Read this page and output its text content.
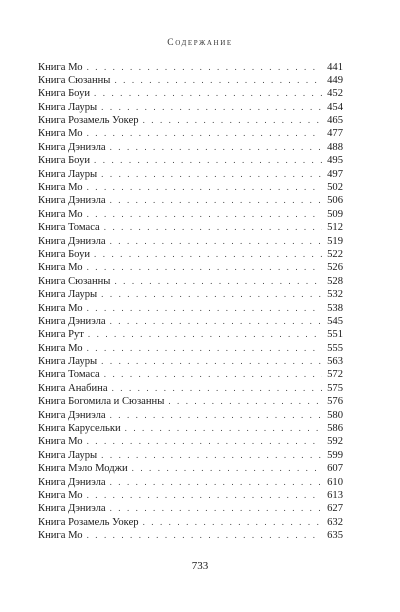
Содержание
Книга Мо . . .	441
Книга Сюзанны . . .	449
Книга Боуи . . .	452
Книга Лауры . . .	454
Книга Розамель Уокер . . .	465
Книга Мо . . .	477
Книга Дэниэла . . .	488
Книга Боуи . . .	495
Книга Лауры . . .	497
Книга Мо . . .	502
Книга Дэниэла . . .	506
Книга Мо . . .	509
Книга Томаса . . .	512
Книга Дэниэла . . .	519
Книга Боуи . . .	522
Книга Мо . . .	526
Книга Сюзанны . . .	528
Книга Лауры . . .	532
Книга Мо . . .	538
Книга Дэниэла . . .	545
Книга Рут . . .	551
Книга Мо . . .	555
Книга Лауры . . .	563
Книга Томаса . . .	572
Книга Анабина . . .	575
Книга Богомила и Сюзанны . . .	576
Книга Дэниэла . . .	580
Книга Карусельки . . .	586
Книга Мо . . .	592
Книга Лауры . . .	599
Книга Мэло Моджи . . .	607
Книга Дэниэла . . .	610
Книга Мо . . .	613
Книга Дэниэла . . .	627
Книга Розамель Уокер . . .	632
Книга Мо . . .	635
733
